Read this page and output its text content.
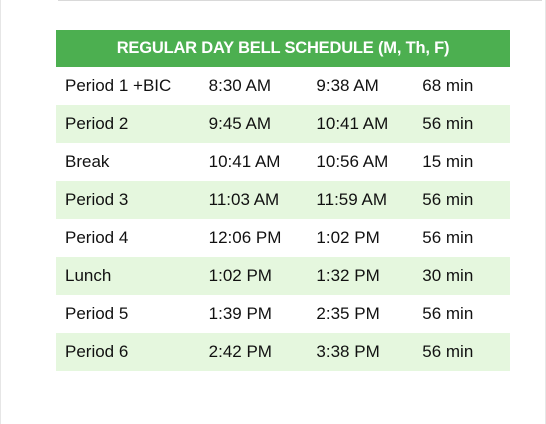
REGULAR DAY BELL SCHEDULE (M, Th, F)			
Period 1 +BIC	8:30 AM	9:38 AM	68 min
Period 2	9:45 AM	10:41 AM	56 min
Break	10:41 AM	10:56 AM	15 min
Period 3	11:03 AM	11:59 AM	56 min
Period 4	12:06 PM	1:02 PM	56 min
Lunch	1:02 PM	1:32 PM	30 min
Period 5	1:39 PM	2:35 PM	56 min
Period 6	2:42 PM	3:38 PM	56 min
